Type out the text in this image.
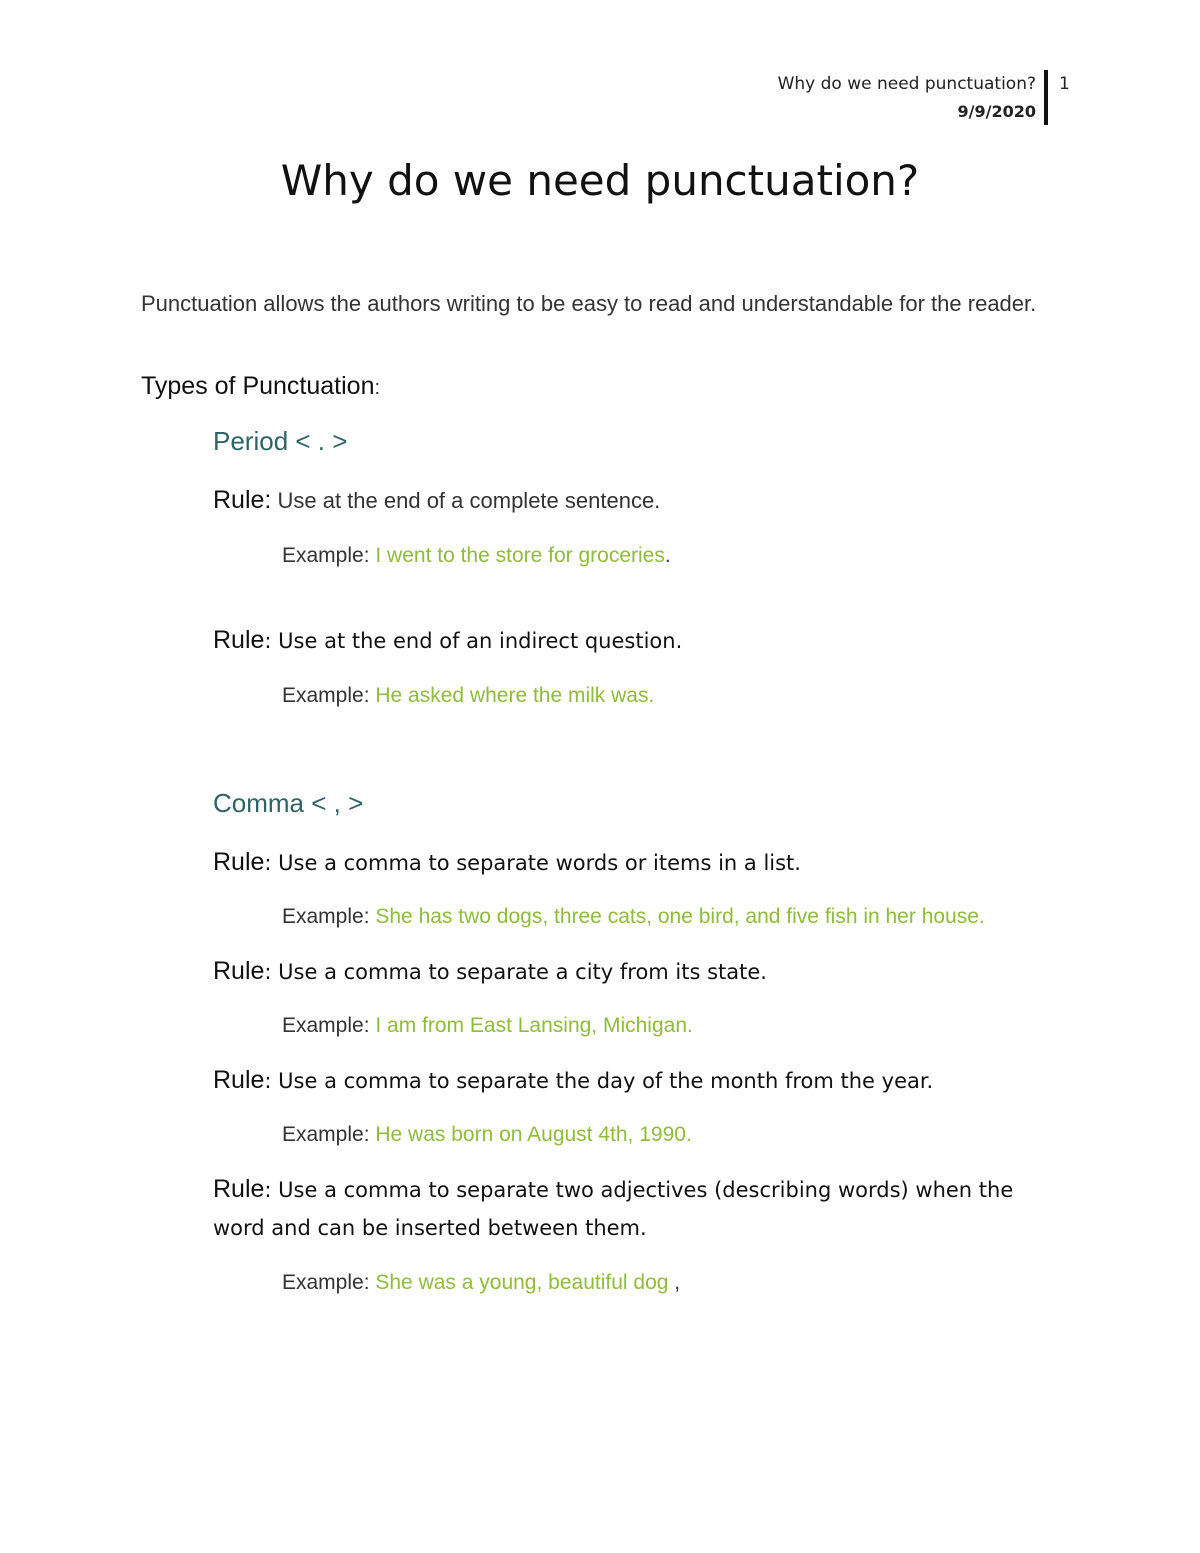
Why do we need punctuation?
9/9/2020
1
Why do we need punctuation?
Punctuation allows the authors writing to be easy to read and understandable for the reader.
Types of Punctuation:
Period < . >
Rule: Use at the end of a complete sentence.
Example: I went to the store for groceries.
Rule: Use at the end of an indirect question.
Example: He asked where the milk was.
Comma < , >
Rule: Use a comma to separate words or items in a list.
Example: She has two dogs, three cats, one bird, and five fish in her house.
Rule: Use a comma to separate a city from its state.
Example: I am from East Lansing, Michigan.
Rule: Use a comma to separate the day of the month from the year.
Example: He was born on August 4th, 1990.
Rule: Use a comma to separate two adjectives (describing words) when the word and can be inserted between them.
Example: She was a young, beautiful dog ,
